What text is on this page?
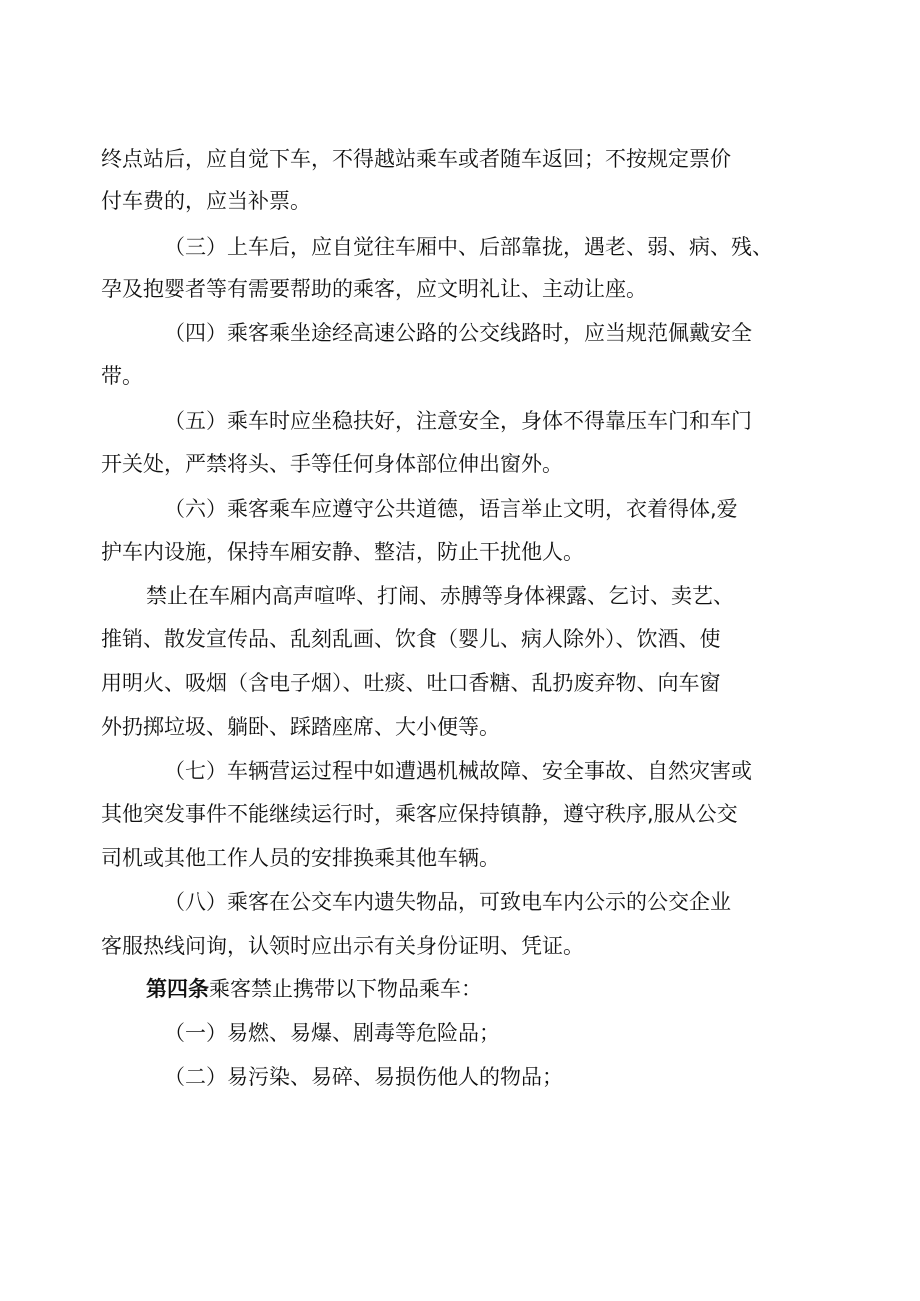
终点站后，应自觉下车，不得越站乘车或者随车返回；不按规定票价
付车费的，应当补票。
（三）上车后，应自觉往车厢中、后部靠拢，遇老、弱、病、残、
孕及抱婴者等有需要帮助的乘客，应文明礼让、主动让座。
（四）乘客乘坐途经高速公路的公交线路时，应当规范佩戴安全
带。
（五）乘车时应坐稳扶好，注意安全，身体不得靠压车门和车门
开关处，严禁将头、手等任何身体部位伸出窗外。
（六）乘客乘车应遵守公共道德，语言举止文明，衣着得体,爱
护车内设施，保持车厢安静、整洁，防止干扰他人。
禁止在车厢内高声喧哗、打闹、赤膊等身体裸露、乞讨、卖艺、
推销、散发宣传品、乱刻乱画、饮食（婴儿、病人除外）、饮酒、使
用明火、吸烟（含电子烟）、吐痰、吐口香糖、乱扔废弃物、向车窗
外扔掷垃圾、躺卧、踩踏座席、大小便等。
（七）车辆营运过程中如遭遇机械故障、安全事故、自然灾害或
其他突发事件不能继续运行时，乘客应保持镇静，遵守秩序,服从公交
司机或其他工作人员的安排换乘其他车辆。
（八）乘客在公交车内遗失物品，可致电车内公示的公交企业
客服热线问询，认领时应出示有关身份证明、凭证。
第四条乘客禁止携带以下物品乘车：
（一）易燃、易爆、剧毒等危险品；
（二）易污染、易碎、易损伤他人的物品；
